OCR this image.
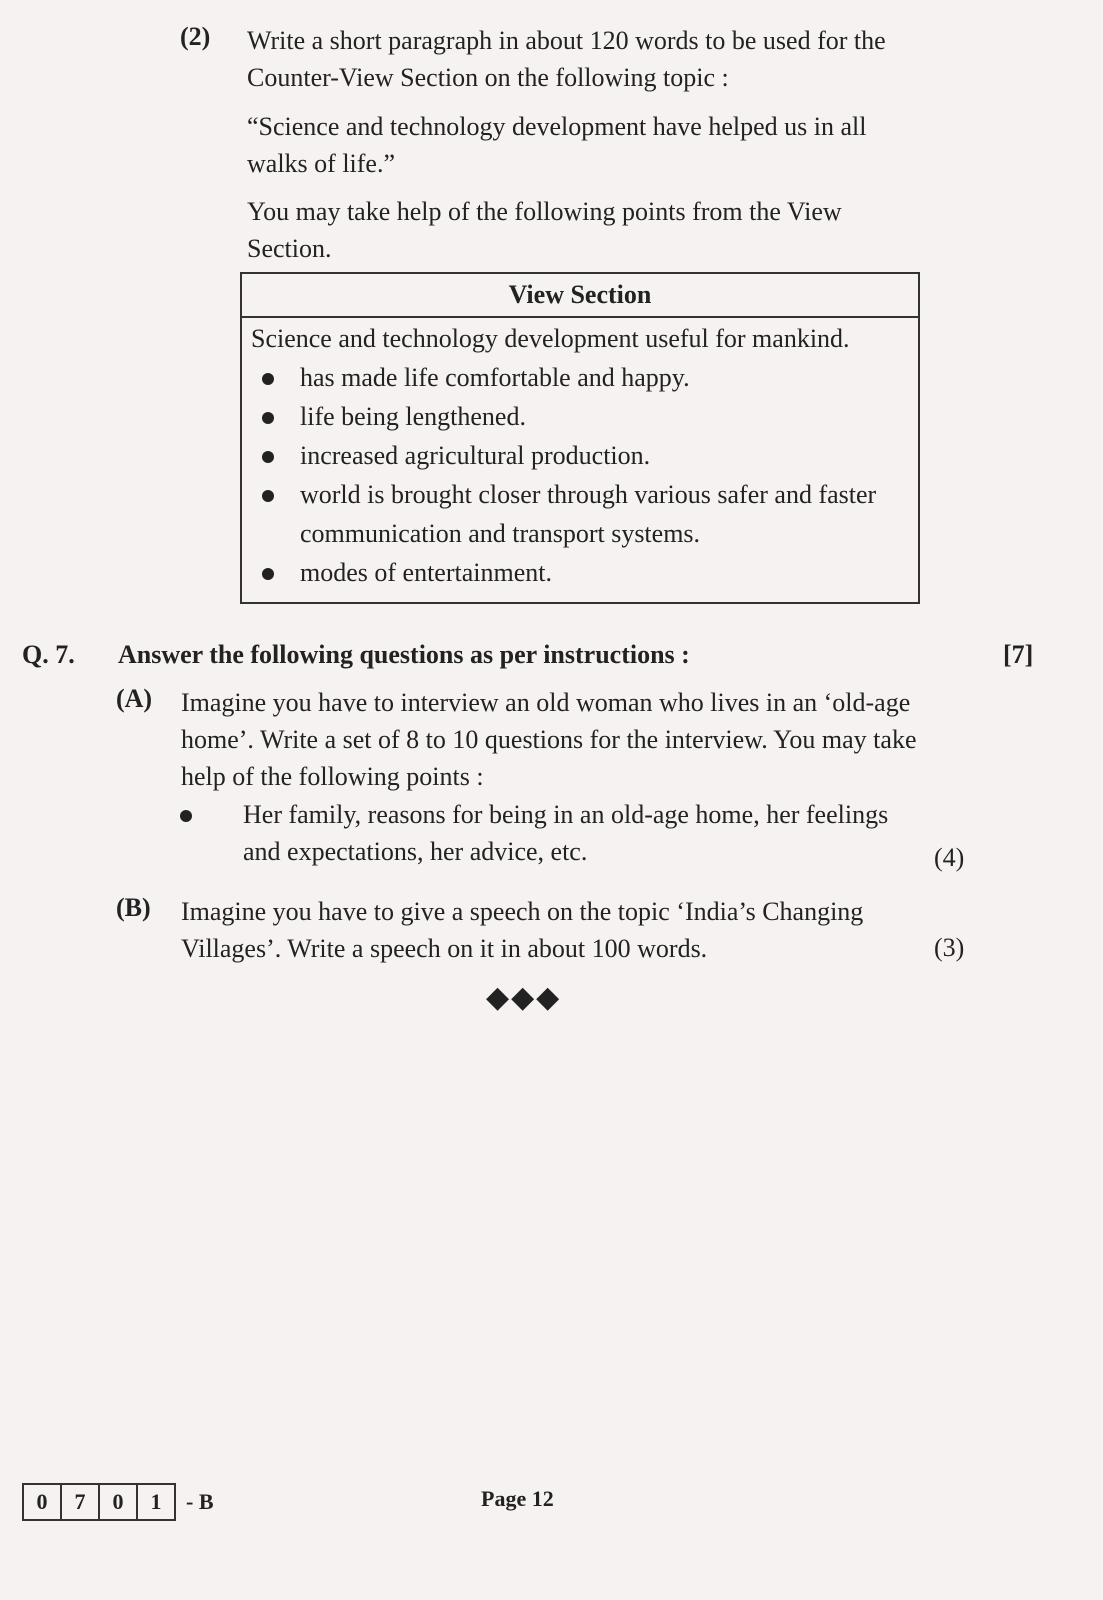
(2) Write a short paragraph in about 120 words to be used for the Counter-View Section on the following topic :
“Science and technology development have helped us in all walks of life.”
You may take help of the following points from the View Section.
View Section
Science and technology development useful for mankind.
has made life comfortable and happy.
life being lengthened.
increased agricultural production.
world is brought closer through various safer and faster communication and transport systems.
modes of entertainment.
Q. 7. Answer the following questions as per instructions :	[7]
(A) Imagine you have to interview an old woman who lives in an ‘old-age home’. Write a set of 8 to 10 questions for the interview. You may take help of the following points :
Her family, reasons for being in an old-age home, her feelings and expectations, her advice, etc.	(4)
(B) Imagine you have to give a speech on the topic ‘India’s Changing Villages’. Write a speech on it in about 100 words.	(3)
◆◆◆
0	7	0	1	- B	Page 12
